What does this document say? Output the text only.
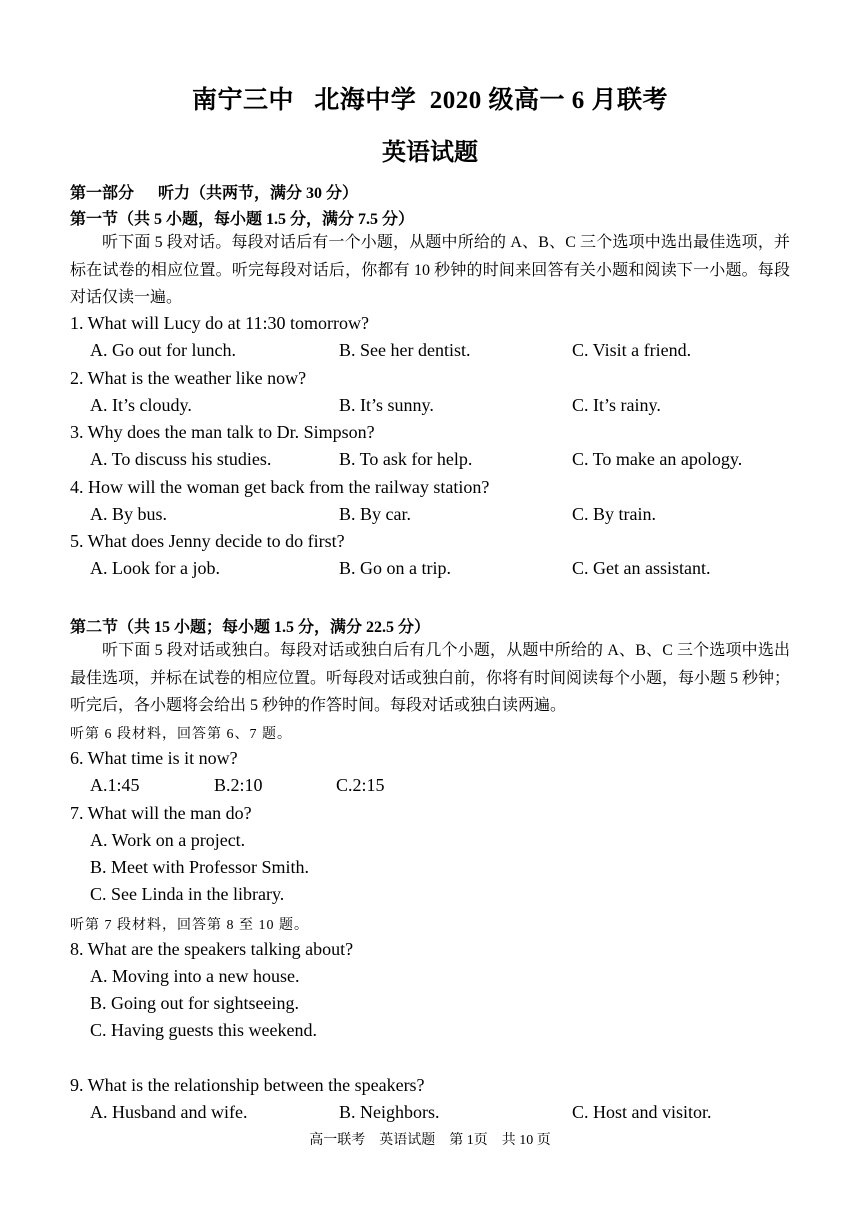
南宁三中   北海中学  2020 级高一 6 月联考
英语试题
第一部分      听力（共两节，满分 30 分）
第一节（共 5 小题，每小题 1.5 分，满分 7.5 分）
听下面 5 段对话。每段对话后有一个小题，从题中所给的 A、B、C 三个选项中选出最佳选项，并标在试卷的相应位置。听完每段对话后，你都有 10 秒钟的时间来回答有关小题和阅读下一小题。每段对话仅读一遍。
1. What will Lucy do at 11:30 tomorrow?
A. Go out for lunch.	B. See her dentist.	C. Visit a friend.
2. What is the weather like now?
A. It’s cloudy.	B. It’s sunny.	C. It’s rainy.
3. Why does the man talk to Dr. Simpson?
A. To discuss his studies.	B. To ask for help.	C. To make an apology.
4. How will the woman get back from the railway station?
A. By bus.	B. By car.	C. By train.
5. What does Jenny decide to do first?
A. Look for a job.	B. Go on a trip.	C. Get an assistant.
第二节（共 15 小题；每小题 1.5 分，满分 22.5 分）
听下面 5 段对话或独白。每段对话或独白后有几个小题，从题中所给的 A、B、C 三个选项中选出最佳选项，并标在试卷的相应位置。听每段对话或独白前，你将有时间阅读每个小题，每小题 5 秒钟；听完后，各小题将会给出 5 秒钟的作答时间。每段对话或独白读两遍。
听第 6 段材料，回答第 6、7 题。
6. What time is it now?
A.1:45	B.2:10	C.2:15
7. What will the man do?
A. Work on a project.
B. Meet with Professor Smith.
C. See Linda in the library.
听第 7 段材料，回答第 8 至 10 题。
8. What are the speakers talking about?
A. Moving into a new house.
B. Going out for sightseeing.
C. Having guests this weekend.
9. What is the relationship between the speakers?
A. Husband and wife.	B. Neighbors.	C. Host and visitor.
高一联考    英语试题    第 1页    共 10 页
